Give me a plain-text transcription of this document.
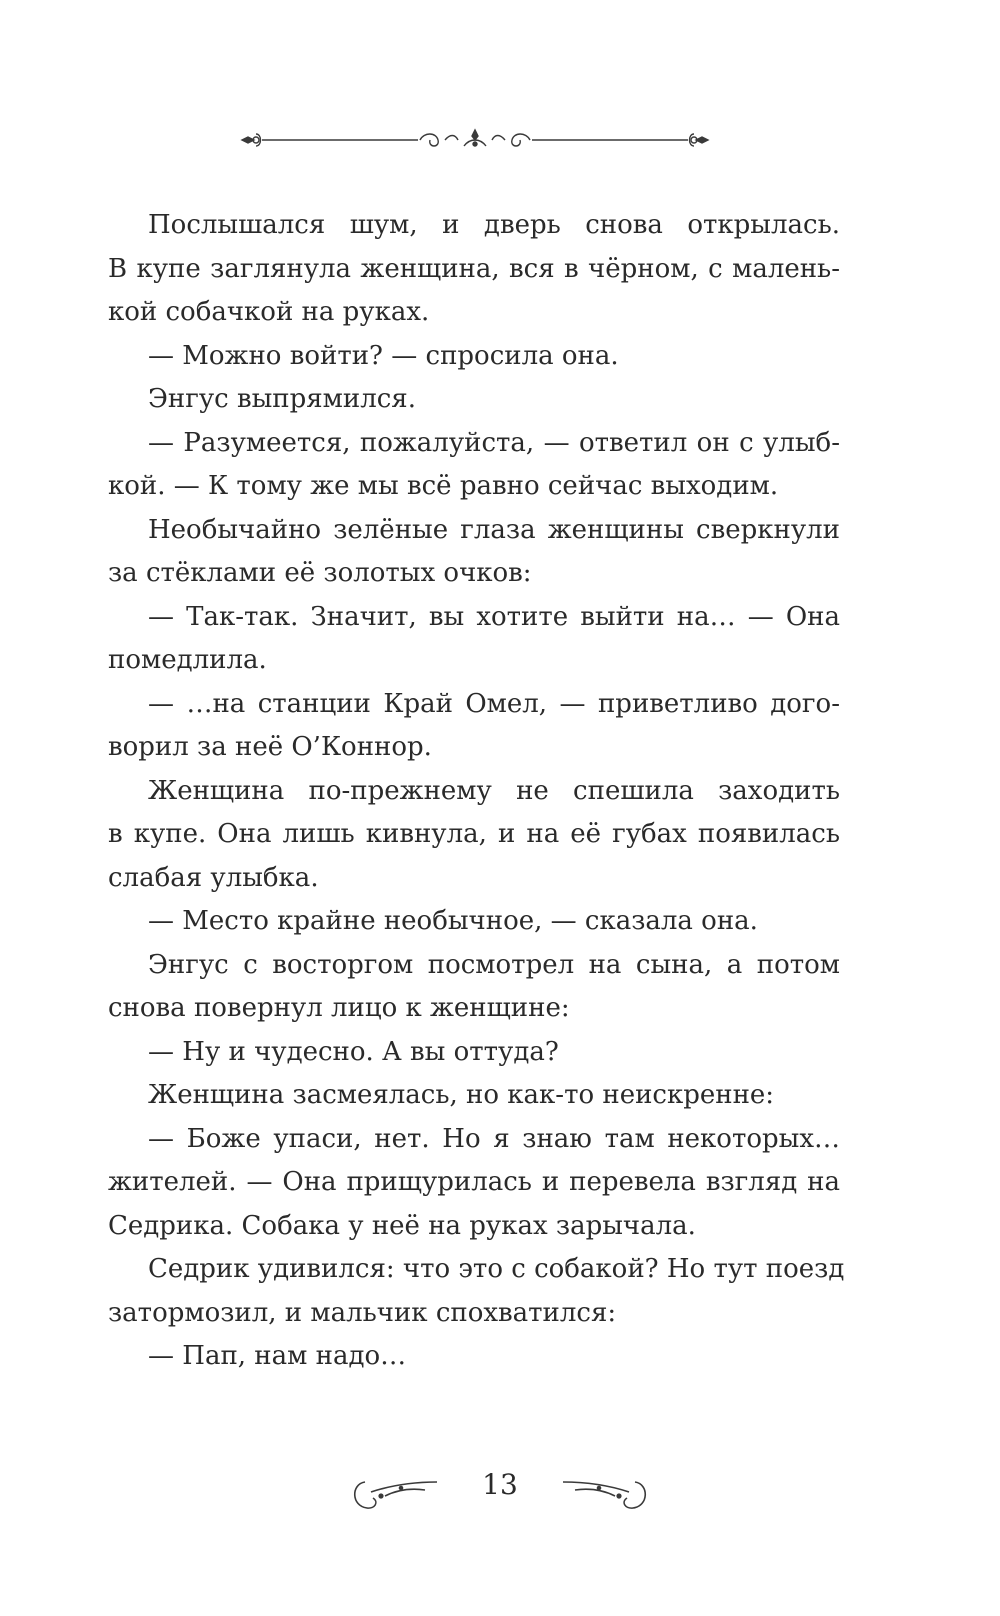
Послышался шум, и дверь снова открылась.
В купе заглянула женщина, вся в чёрном, с малень-
кой собачкой на руках.
— Можно войти? — спросила она.
Энгус выпрямился.
— Разумеется, пожалуйста, — ответил он с улыб-
кой. — К тому же мы всё равно сейчас выходим.
Необычайно зелёные глаза женщины сверкнули
за стёклами её золотых очков:
— Так-так. Значит, вы хотите выйти на… — Она
помедлила.
— …на станции Край Омел, — приветливо дого-
ворил за неё О’Коннор.
Женщина по-прежнему не спешила заходить
в купе. Она лишь кивнула, и на её губах появилась
слабая улыбка.
— Место крайне необычное, — сказала она.
Энгус с восторгом посмотрел на сына, а потом
снова повернул лицо к женщине:
— Ну и чудесно. А вы оттуда?
Женщина засмеялась, но как-то неискренне:
— Боже упаси, нет. Но я знаю там некоторых…
жителей. — Она прищурилась и перевела взгляд на
Седрика. Собака у неё на руках зарычала.
Седрик удивился: что это с собакой? Но тут поезд
затормозил, и мальчик спохватился:
— Пап, нам надо…
13
